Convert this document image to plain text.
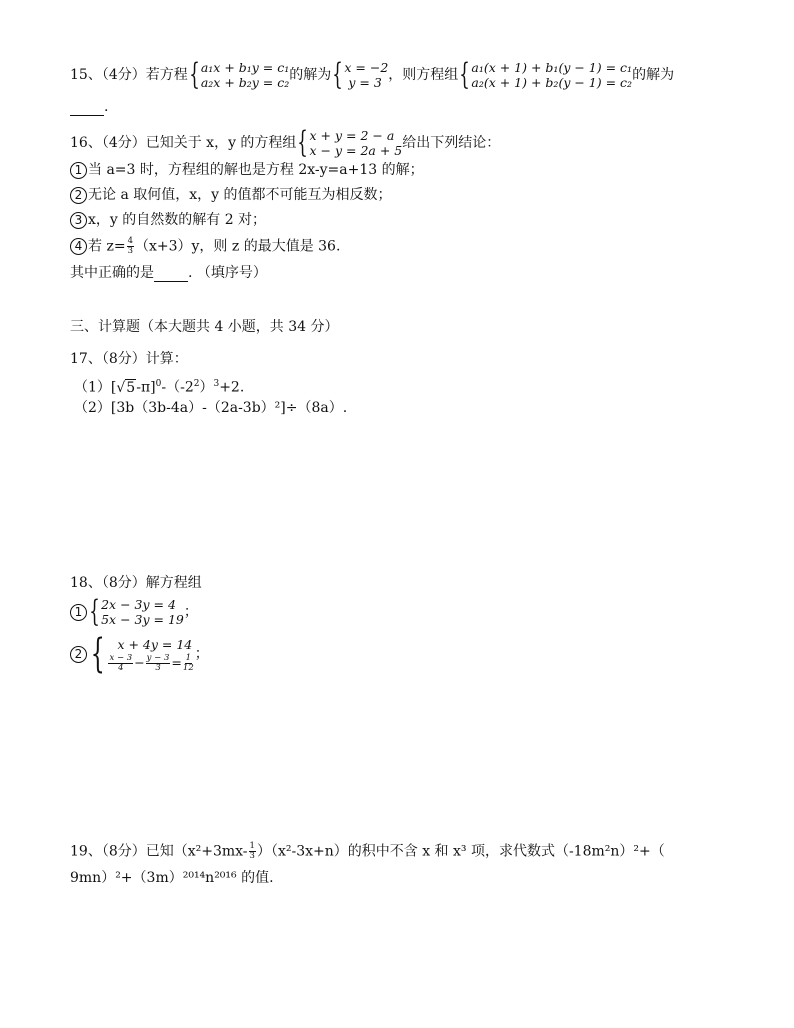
15、（4分）若方程 { a₁x + b₁y = c₁
a₂x + b₂y = c₂ 的解为 { x = −2
y = 3 ，则方程组 { a₁(x + 1) + b₁(y − 1) = c₁
a₂(x + 1) + b₂(y − 1) = c₂ 的解为
.
16、（4分）已知关于 x，y 的方程组 { x + y = 2 − a
x − y = 2a + 5 给出下列结论：
1 当 a=3 时，方程组的解也是方程 2x-y=a+13 的解；
2 无论 a 取何值，x，y 的值都不可能互为相反数；
3 x，y 的自然数的解有 2 对；
4 若 $z= \frac{4}{3} (x+3)y$，则 z 的最大值是 36.
其中正确的是 . （填序号）
三、计算题（本大题共 4 小题，共 34 分）
17、（8分）计算：
$(1)[√5-\pi]^0-(-2^2)^3+2$.
（2）[3b（3b-4a）-（2a-3b）²]÷（8a）.
18、（8分）解方程组
1 { 2x − 3y = 4
5x − 3y = 19 ；
2 {	x + 4y = 14
$\frac{x - 3}{4} - \frac{y - 3}{3} = \frac{1}{12}$ ；
19、（8分）已知$(x^2+3mx- \frac{1}{3} )(x^2-3x+n)$的积中不含 x 和 x³ 项，求代数式（-18m²n）²+（
9mn）²+（3m）²⁰¹⁴n²⁰¹⁶ 的值.
